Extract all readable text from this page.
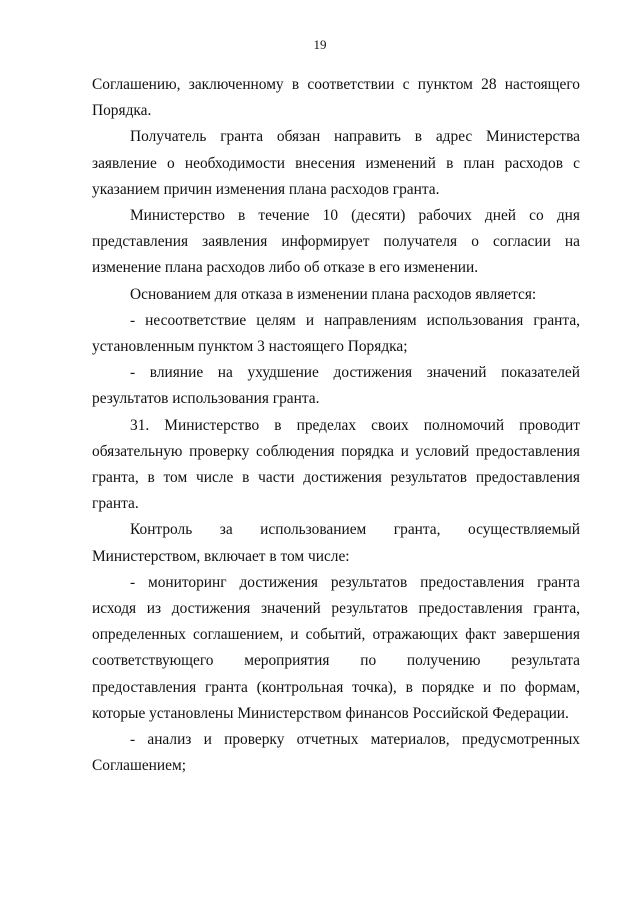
19

Соглашению, заключенному в соответствии с пунктом 28 настоящего Порядка.

Получатель гранта обязан направить в адрес Министерства заявление о необходимости внесения изменений в план расходов с указанием причин изменения плана расходов гранта.

Министерство в течение 10 (десяти) рабочих дней со дня представления заявления информирует получателя о согласии на изменение плана расходов либо об отказе в его изменении.

Основанием для отказа в изменении плана расходов является:

- несоответствие целям и направлениям использования гранта, установленным пунктом 3 настоящего Порядка;

- влияние на ухудшение достижения значений показателей результатов использования гранта.

31. Министерство в пределах своих полномочий проводит обязательную проверку соблюдения порядка и условий предоставления гранта, в том числе в части достижения результатов предоставления гранта.

Контроль за использованием гранта, осуществляемый Министерством, включает в том числе:

- мониторинг достижения результатов предоставления гранта исходя из достижения значений результатов предоставления гранта, определенных соглашением, и событий, отражающих факт завершения соответствующего мероприятия по получению результата предоставления гранта (контрольная точка), в порядке и по формам, которые установлены Министерством финансов Российской Федерации.

- анализ и проверку отчетных материалов, предусмотренных Соглашением;
